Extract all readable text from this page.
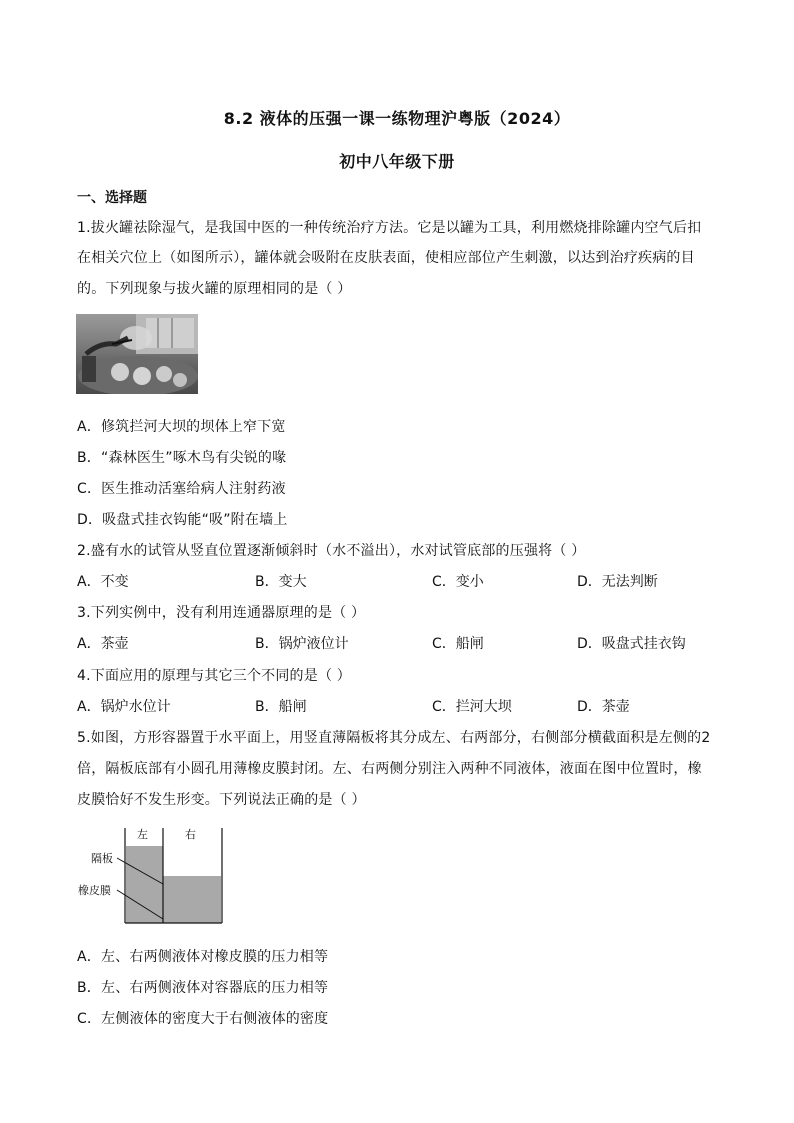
8.2 液体的压强一课一练物理沪粤版（2024）
初中八年级下册
一、选择题
1.拔火罐祛除湿气，是我国中医的一种传统治疗方法。它是以罐为工具，利用燃烧排除罐内空气后扣
在相关穴位上（如图所示），罐体就会吸附在皮肤表面，使相应部位产生刺激，以达到治疗疾病的目
的。下列现象与拔火罐的原理相同的是（ ）
A．修筑拦河大坝的坝体上窄下宽
B．“森林医生”啄木鸟有尖锐的喙
C．医生推动活塞给病人注射药液
D．吸盘式挂衣钩能“吸”附在墙上
2.盛有水的试管从竖直位置逐渐倾斜时（水不溢出），水对试管底部的压强将（ ）
A．不变	B．变大	C．变小	D．无法判断
3.下列实例中，没有利用连通器原理的是（ ）
A．茶壶	B．锅炉液位计	C．船闸	D．吸盘式挂衣钩
4.下面应用的原理与其它三个不同的是（ ）
A．锅炉水位计	B．船闸	C．拦河大坝	D．茶壶
5.如图，方形容器置于水平面上，用竖直薄隔板将其分成左、右两部分，右侧部分横截面积是左侧的2
倍，隔板底部有小圆孔用薄橡皮膜封闭。左、右两侧分别注入两种不同液体，液面在图中位置时，橡
皮膜恰好不发生形变。下列说法正确的是（ ）
左	右
隔板
橡皮膜
A．左、右两侧液体对橡皮膜的压力相等
B．左、右两侧液体对容器底的压力相等
C．左侧液体的密度大于右侧液体的密度
